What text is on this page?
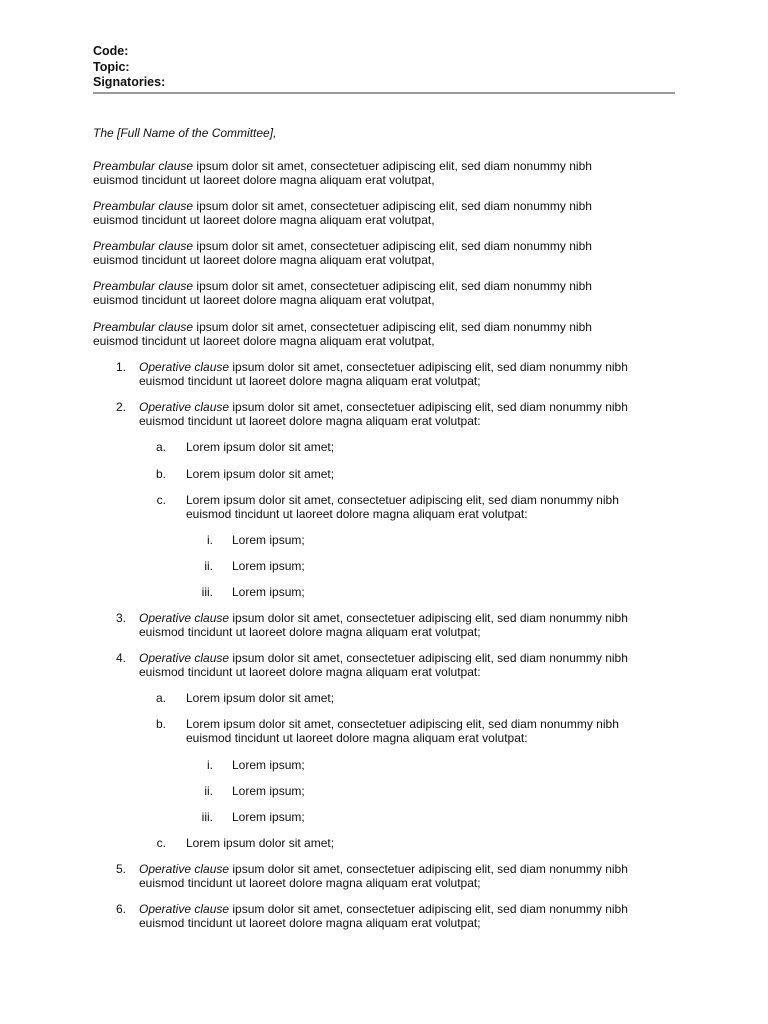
Code:
Topic:
Signatories:
The [Full Name of the Committee],
Preambular clause ipsum dolor sit amet, consectetuer adipiscing elit, sed diam nonummy nibh
euismod tincidunt ut laoreet dolore magna aliquam erat volutpat,
Preambular clause ipsum dolor sit amet, consectetuer adipiscing elit, sed diam nonummy nibh
euismod tincidunt ut laoreet dolore magna aliquam erat volutpat,
Preambular clause ipsum dolor sit amet, consectetuer adipiscing elit, sed diam nonummy nibh
euismod tincidunt ut laoreet dolore magna aliquam erat volutpat,
Preambular clause ipsum dolor sit amet, consectetuer adipiscing elit, sed diam nonummy nibh
euismod tincidunt ut laoreet dolore magna aliquam erat volutpat,
Preambular clause ipsum dolor sit amet, consectetuer adipiscing elit, sed diam nonummy nibh
euismod tincidunt ut laoreet dolore magna aliquam erat volutpat,
1. Operative clause ipsum dolor sit amet, consectetuer adipiscing elit, sed diam nonummy nibh
euismod tincidunt ut laoreet dolore magna aliquam erat volutpat;
2. Operative clause ipsum dolor sit amet, consectetuer adipiscing elit, sed diam nonummy nibh
euismod tincidunt ut laoreet dolore magna aliquam erat volutpat:
a. Lorem ipsum dolor sit amet;
b. Lorem ipsum dolor sit amet;
c. Lorem ipsum dolor sit amet, consectetuer adipiscing elit, sed diam nonummy nibh
euismod tincidunt ut laoreet dolore magna aliquam erat volutpat:
i. Lorem ipsum;
ii. Lorem ipsum;
iii. Lorem ipsum;
3. Operative clause ipsum dolor sit amet, consectetuer adipiscing elit, sed diam nonummy nibh
euismod tincidunt ut laoreet dolore magna aliquam erat volutpat;
4. Operative clause ipsum dolor sit amet, consectetuer adipiscing elit, sed diam nonummy nibh
euismod tincidunt ut laoreet dolore magna aliquam erat volutpat:
a. Lorem ipsum dolor sit amet;
b. Lorem ipsum dolor sit amet, consectetuer adipiscing elit, sed diam nonummy nibh
euismod tincidunt ut laoreet dolore magna aliquam erat volutpat:
i. Lorem ipsum;
ii. Lorem ipsum;
iii. Lorem ipsum;
c. Lorem ipsum dolor sit amet;
5. Operative clause ipsum dolor sit amet, consectetuer adipiscing elit, sed diam nonummy nibh
euismod tincidunt ut laoreet dolore magna aliquam erat volutpat;
6. Operative clause ipsum dolor sit amet, consectetuer adipiscing elit, sed diam nonummy nibh
euismod tincidunt ut laoreet dolore magna aliquam erat volutpat;
